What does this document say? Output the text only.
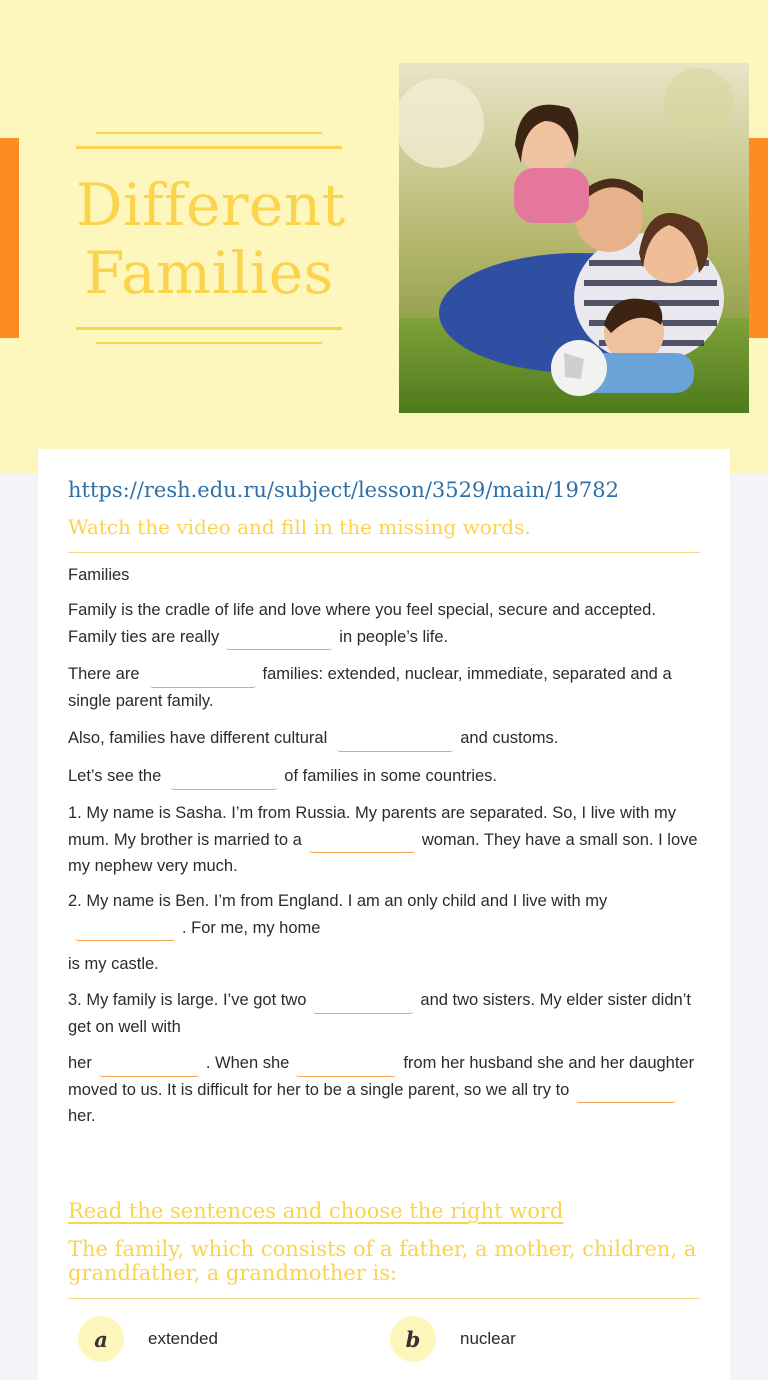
Different
Families
https://resh.edu.ru/subject/lesson/3529/main/19782
Watch the video and fill in the missing words.
Families
Family is the cradle of life and love where you feel special, secure and accepted. Family ties are really	in people’s life.
There are	families: extended, nuclear, immediate, separated and a single parent family.
Also, families have different cultural	and customs.
Let’s see the	of families in some countries.
1. My name is Sasha. I’m from Russia. My parents are separated. So, I live with my mum. My brother is married to a	woman. They have a small son. I love my nephew very much.
2. My name is Ben. I’m from England. I am an only child and I live with my. For me, my home
is my castle.
3. My family is large. I’ve got two	and two sisters. My elder sister didn’t get on well with
her	. When she	from her husband she and her daughter moved to us. It is difficult for her to be a single parent, so we all try toher.
Read the sentences and choose the right word
The family, which consists of a father, a mother, children, a grandfather, a grandmother is:
a	extended	b	nuclear
